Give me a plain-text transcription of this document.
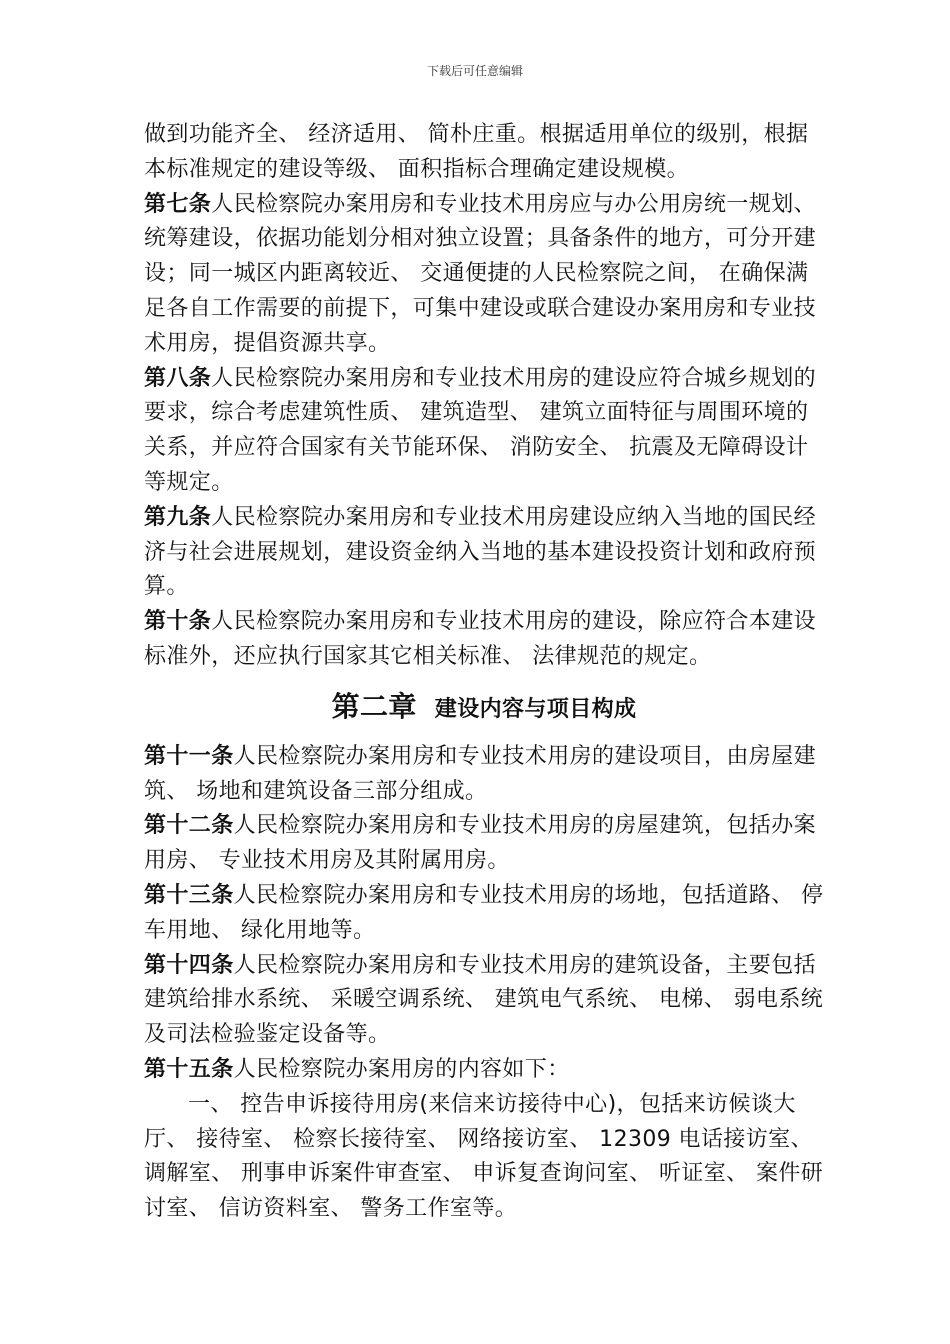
下载后可任意编辑

做到功能齐全、 经济适用、 简朴庄重。根据适用单位的级别，根据本标准规定的建设等级、 面积指标合理确定建设规模。

第七条人民检察院办案用房和专业技术用房应与办公用房统一规划、 统筹建设，依据功能划分相对独立设置；具备条件的地方，可分开建设；同一城区内距离较近、 交通便捷的人民检察院之间， 在确保满足各自工作需要的前提下，可集中建设或联合建设办案用房和专业技术用房，提倡资源共享。

第八条人民检察院办案用房和专业技术用房的建设应符合城乡规划的要求，综合考虑建筑性质、 建筑造型、 建筑立面特征与周围环境的关系，并应符合国家有关节能环保、 消防安全、 抗震及无障碍设计等规定。

第九条人民检察院办案用房和专业技术用房建设应纳入当地的国民经济与社会进展规划，建设资金纳入当地的基本建设投资计划和政府预算。

第十条人民检察院办案用房和专业技术用房的建设，除应符合本建设标准外，还应执行国家其它相关标准、 法律规范的规定。

第二章 建设内容与项目构成

第十一条人民检察院办案用房和专业技术用房的建设项目，由房屋建筑、 场地和建筑设备三部分组成。

第十二条人民检察院办案用房和专业技术用房的房屋建筑，包括办案用房、 专业技术用房及其附属用房。

第十三条人民检察院办案用房和专业技术用房的场地，包括道路、 停车用地、 绿化用地等。

第十四条人民检察院办案用房和专业技术用房的建筑设备，主要包括建筑给排水系统、 采暖空调系统、 建筑电气系统、 电梯、 弱电系统及司法检验鉴定设备等。

第十五条人民检察院办案用房的内容如下：

一、 控告申诉接待用房(来信来访接待中心)，包括来访候谈大厅、 接待室、 检察长接待室、 网络接访室、 12309 电话接访室、 调解室、 刑事申诉案件审查室、 申诉复查询问室、 听证室、 案件研讨室、 信访资料室、 警务工作室等。
